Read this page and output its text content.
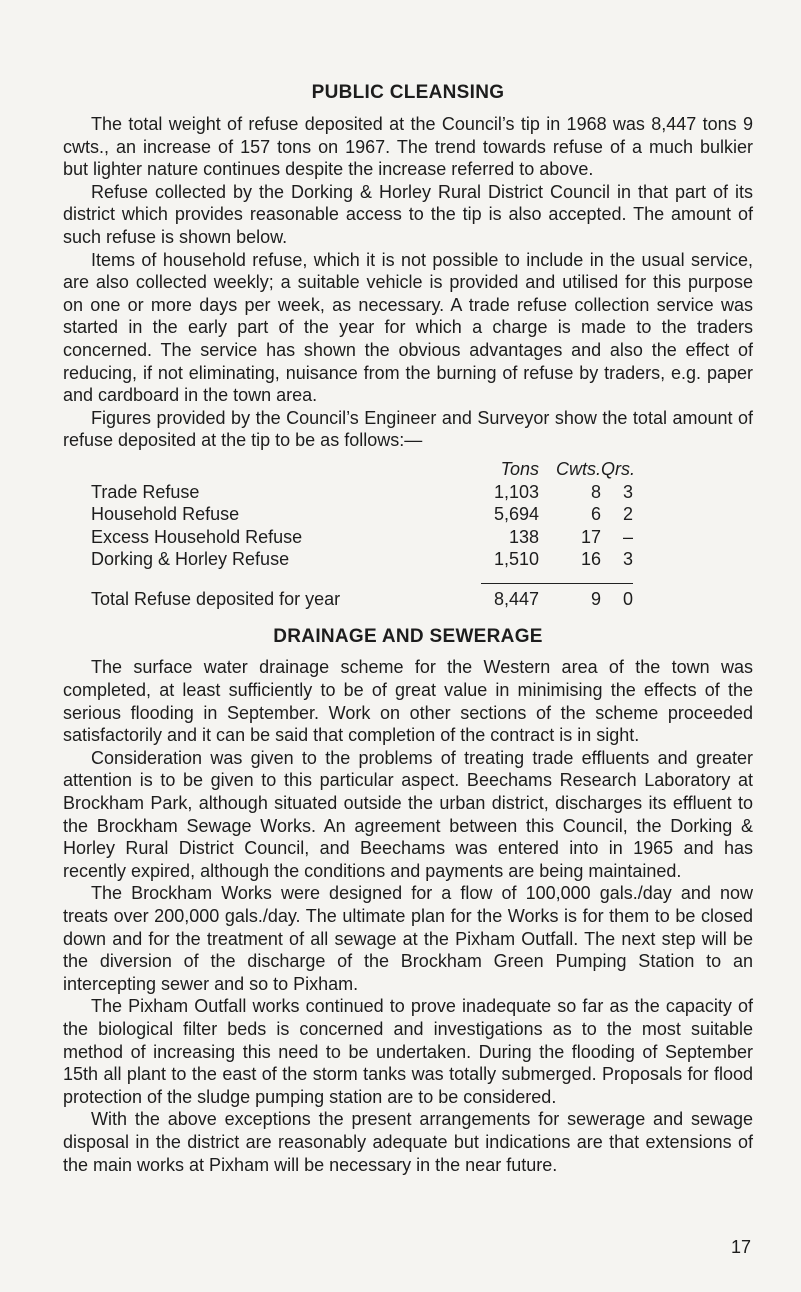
PUBLIC CLEANSING

The total weight of refuse deposited at the Council’s tip in 1968 was 8,447 tons 9 cwts., an increase of 157 tons on 1967. The trend towards refuse of a much bulkier but lighter nature continues despite the increase referred to above.

Refuse collected by the Dorking & Horley Rural District Council in that part of its district which provides reasonable access to the tip is also accepted. The amount of such refuse is shown below.

Items of household refuse, which it is not possible to include in the usual service, are also collected weekly; a suitable vehicle is provided and utilised for this purpose on one or more days per week, as necessary. A trade refuse collection service was started in the early part of the year for which a charge is made to the traders concerned. The service has shown the obvious advantages and also the effect of reducing, if not eliminating, nuisance from the burning of refuse by traders, e.g. paper and cardboard in the town area.

Figures provided by the Council’s Engineer and Surveyor show the total amount of refuse deposited at the tip to be as follows:—

Tons Cwts. Qrs.
Trade Refuse	1,103	8	3
Household Refuse	5,694	6	2
Excess Household Refuse	138	17	–
Dorking & Horley Refuse	1,510	16	3
Total Refuse deposited for year	8,447	9	0
DRAINAGE AND SEWERAGE

The surface water drainage scheme for the Western area of the town was completed, at least sufficiently to be of great value in minimising the effects of the serious flooding in September. Work on other sections of the scheme proceeded satisfactorily and it can be said that completion of the contract is in sight.

Consideration was given to the problems of treating trade effluents and greater attention is to be given to this particular aspect. Beechams Research Laboratory at Brockham Park, although situated outside the urban district, discharges its effluent to the Brockham Sewage Works. An agreement between this Council, the Dorking & Horley Rural District Council, and Beechams was entered into in 1965 and has recently expired, although the conditions and payments are being maintained.

The Brockham Works were designed for a flow of 100,000 gals./day and now treats over 200,000 gals./day. The ultimate plan for the Works is for them to be closed down and for the treatment of all sewage at the Pixham Outfall. The next step will be the diversion of the discharge of the Brockham Green Pumping Station to an intercepting sewer and so to Pixham.

The Pixham Outfall works continued to prove inadequate so far as the capacity of the biological filter beds is concerned and investigations as to the most suitable method of increasing this need to be undertaken. During the flooding of September 15th all plant to the east of the storm tanks was totally submerged. Proposals for flood protection of the sludge pumping station are to be considered.

With the above exceptions the present arrangements for sewerage and sewage disposal in the district are reasonably adequate but indications are that extensions of the main works at Pixham will be necessary in the near future.

17
